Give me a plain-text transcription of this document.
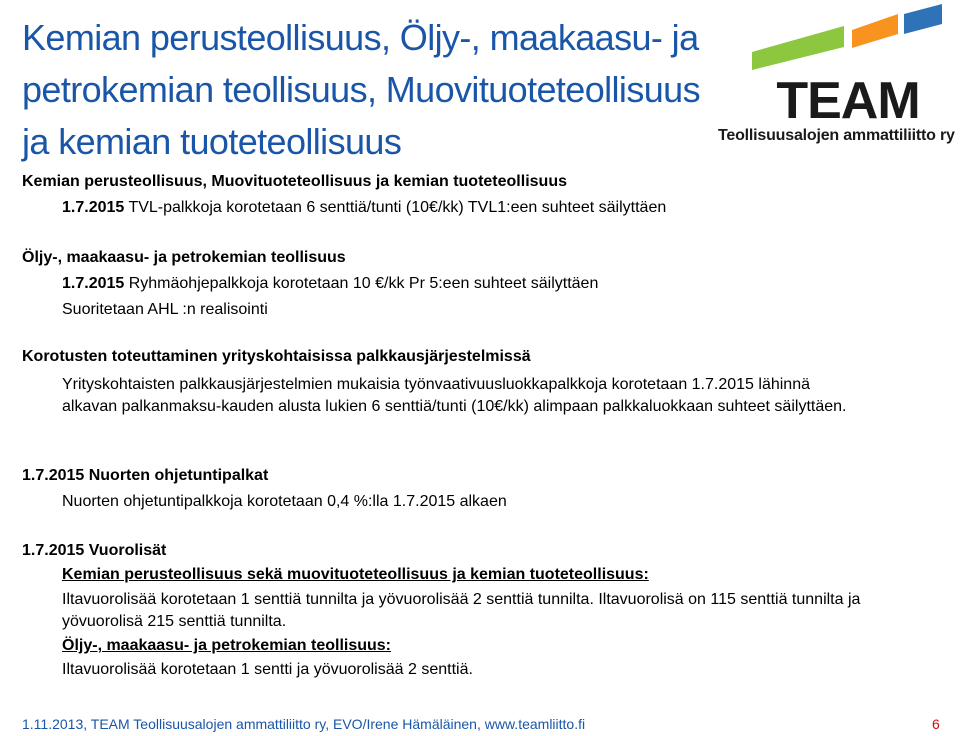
Kemian perusteollisuus, Öljy-, maakaasu- ja
petrokemian teollisuus, Muovituoteteollisuus
ja kemian tuoteteollisuus
TEAM
Teollisuusalojen ammattiliitto ry
Kemian perusteollisuus, Muovituoteteollisuus ja kemian tuoteteollisuus
1.7.2015 TVL-palkkoja korotetaan 6 senttiä/tunti (10€/kk) TVL1:een suhteet säilyttäen
Öljy-, maakaasu- ja petrokemian teollisuus
1.7.2015 Ryhmäohjepalkkoja korotetaan 10 €/kk Pr 5:een suhteet säilyttäen
Suoritetaan AHL :n realisointi
Korotusten toteuttaminen yrityskohtaisissa palkkausjärjestelmissä
Yrityskohtaisten palkkausjärjestelmien mukaisia työnvaativuusluokkapalkkoja korotetaan 1.7.2015 lähinnä alkavan palkanmaksu-kauden alusta lukien 6 senttiä/tunti (10€/kk) alimpaan palkkaluokkaan suhteet säilyttäen.
1.7.2015 Nuorten ohjetuntipalkat
Nuorten ohjetuntipalkkoja korotetaan 0,4 %:lla 1.7.2015 alkaen
1.7.2015 Vuorolisät
Kemian perusteollisuus sekä muovituoteteollisuus ja kemian tuoteteollisuus:
Iltavuorolisää korotetaan 1 senttiä tunnilta ja yövuorolisää 2 senttiä tunnilta. Iltavuorolisä on 115 senttiä tunnilta ja yövuorolisä 215 senttiä tunnilta.
Öljy-, maakaasu- ja petrokemian teollisuus:
Iltavuorolisää korotetaan 1 sentti ja yövuorolisää 2 senttiä.
1.11.2013, TEAM Teollisuusalojen ammattiliitto ry, EVO/Irene Hämäläinen, www.teamliitto.fi	6
